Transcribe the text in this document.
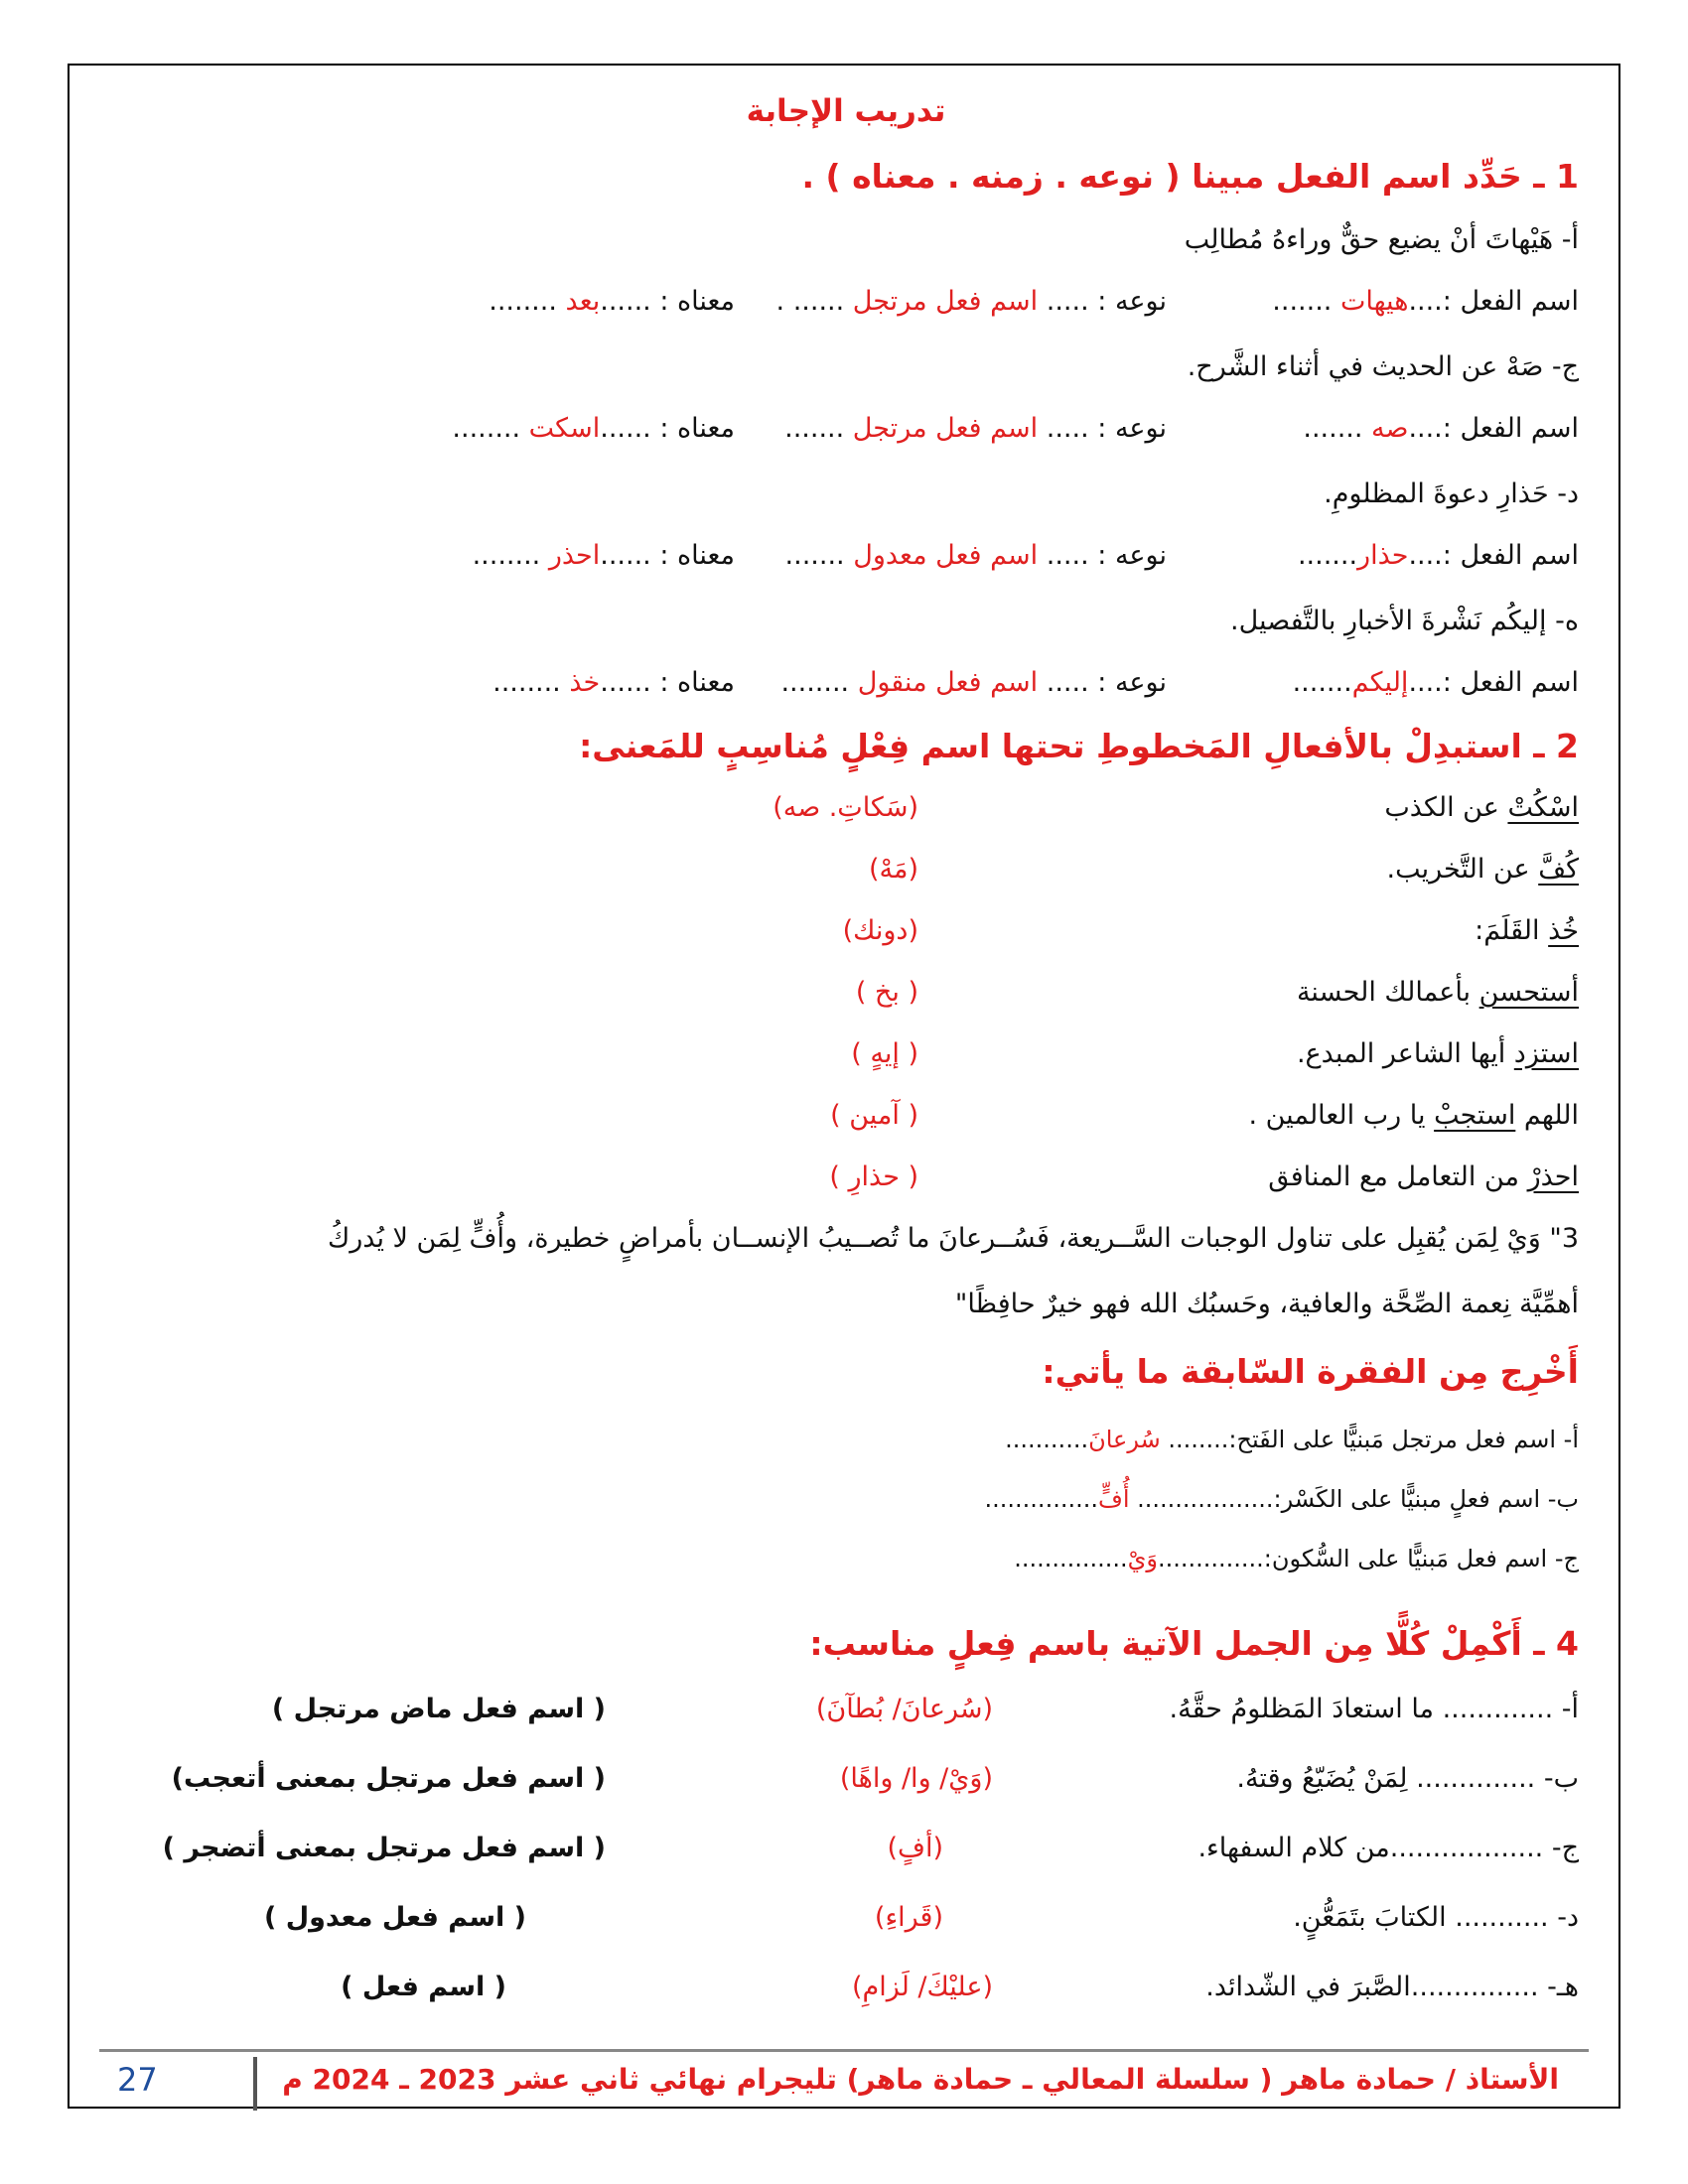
تدريب الإجابة
1 ـ حَدِّد اسم الفعل مبينا ( نوعه . زمنه . معناه ) .
أ- هَيْهاتَ أنْ يضيع حقٌّ وراءهُ مُطالِب
اسم الفعل :....هيهات .......
نوعه : ..... اسم فعل مرتجل ...... .
معناه : ......بعد ........
ج- صَهْ عن الحديث في أثناء الشَّرح.
اسم الفعل :....صه .......
نوعه : ..... اسم فعل مرتجل .......
معناه : ......اسكت ........
د- حَذارِ دعوةَ المظلومِ.
اسم الفعل :....حذار.......
نوعه : ..... اسم فعل معدول .......
معناه : ......احذر ........
ه- إليكُم نَشْرةَ الأخبارِ بالتَّفصيل.
اسم الفعل :....إليكم.......
نوعه : ..... اسم فعل منقول ........
معناه : ......خذ ........
2 ـ استبدِلْ بالأفعالِ المَخطوطِ تحتها اسم فِعْلٍ مُناسِبٍ للمَعنى:
اسْكُتْ عن الكذب
(سَكاتِ. صه)
كُفَّ عن التَّخريب.
(مَهْ)
خُذ القَلَمَ:
(دونك)
أستحسن بأعمالك الحسنة
( بخ )
استزد أيها الشاعر المبدع.
( إيهٍ )
اللهم استجبْ يا رب العالمين .
( آمين )
احذرْ من التعامل مع المنافق
( حذارِ )
3" وَيْ لِمَن يُقبِل على تناول الوجبات السَّــريعة، فَسُــرعانَ ما تُصــيبُ الإنســان بأمراضٍ خطيرة، وأُفٍّ لِمَن لا يُدركُ
أهمِّيَّة نِعمة الصِّحَّة والعافية، وحَسبُك الله فهو خيرٌ حافِظًا"
أَخْرِج مِن الفقرة السّابقة ما يأتي:
أ- اسم فعل مرتجل مَبنيًّا على الفَتح:........ سُرعانَ...........
ب- اسم فعلٍ مبنيًّا على الكَسْر:.................. أُفٍّ...............
ج- اسم فعل مَبنيًّا على السُّكون:..............وَيْ...............
4 ـ أَكْمِلْ كُلًّا مِن الجمل الآتية باسم فِعلٍ مناسب:
أ- ............. ما استعادَ المَظلومُ حقَّهُ.
(سُرعانَ/ بُطآنَ)
( اسم فعل ماض مرتجل )
ب- .............. لِمَنْ يُضَيّعُ وقتهُ.
(وَيْ/ وا/ واهًا)
( اسم فعل مرتجل بمعنى أتعجب)
ج- ..................من كلام السفهاء.
(أفٍ)
( اسم فعل مرتجل بمعنى أتضجر )
د- ........... الكتابَ بتَمَعُّنٍ.
(قَراءِ)
( اسم فعل معدول )
هـ- ...............الصَّبرَ في الشّدائد.
(عليْكَ/ لَزامِ)
( اسم فعل )
27	الأستاذ / حمادة ماهر ( سلسلة المعالي ـ حمادة ماهر) تليجرام نهائي ثاني عشر 2023 ـ 2024 م
